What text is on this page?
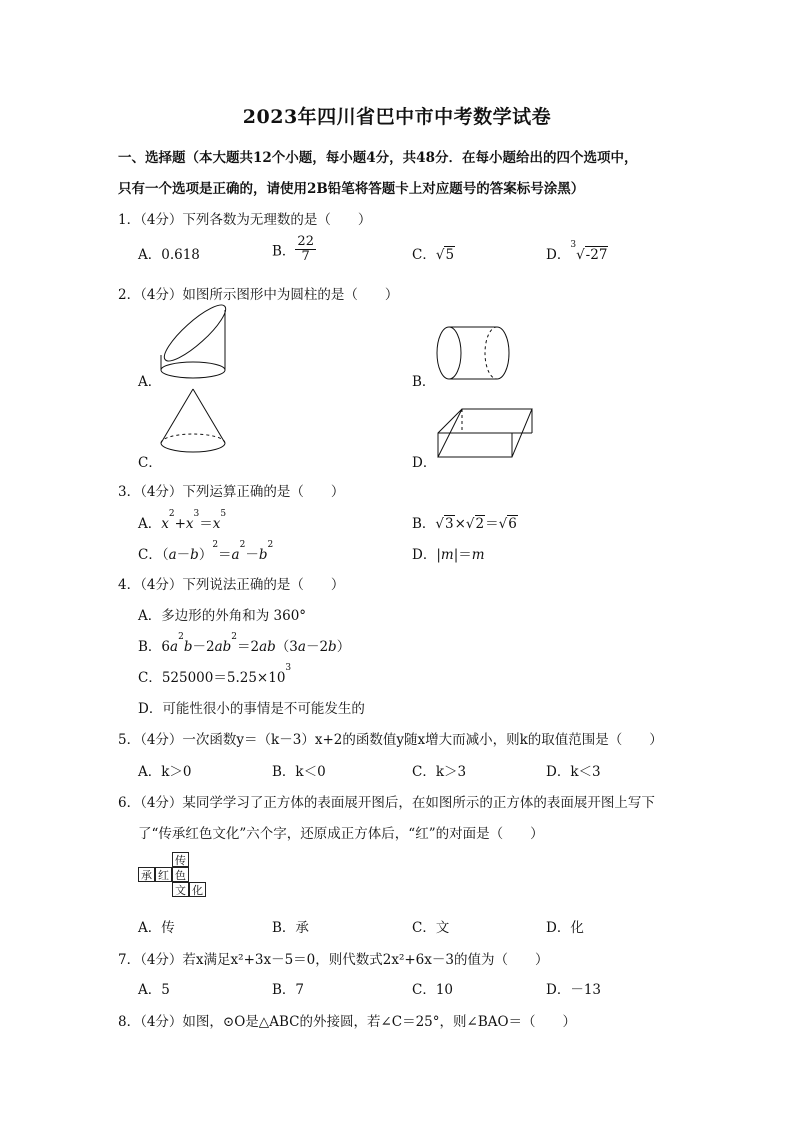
2023年四川省巴中市中考数学试卷
一、选择题（本大题共12个小题，每小题4分，共48分．在每小题给出的四个选项中，
只有一个选项是正确的，请使用2B铅笔将答题卡上对应题号的答案标号涂黑）
1．（4分）下列各数为无理数的是（　　）
A．0.618	B． $\frac{22}{7}$	C．√5	D．$^3$√-27
2．（4分）如图所示图形中为圆柱的是（　　）
A．	B．
C．	D．
3．（4分）下列运算正确的是（　　）
A．$x^2+x^3=x^5$
B．√3×√2＝√6
C．$(a-b)^2=a^2-b^2$
D．|m|＝m
4．（4分）下列说法正确的是（　　）
A．多边形的外角和为 360°
B．$6a^2b-2ab^2=2ab(3a-2b)$
C．$525000=5.25\times 10^3$
D．可能性很小的事情是不可能发生的
5．（4分）一次函数y＝（k－3）x+2的函数值y随x增大而减小，则k的取值范围是（　　）
A．k＞0	B．k＜0	C．k＞3	D．k＜3
6．（4分）某同学学习了正方体的表面展开图后，在如图所示的正方体的表面展开图上写下
了“传承红色文化”六个字，还原成正方体后，“红”的对面是（　　）
传
承 红 色
文 化
A．传	B．承	C．文	D．化
7．（4分）若x满足x²+3x－5＝0，则代数式2x²+6x－3的值为（　　）
A．5	B．7	C．10	D．－13
8．（4分）如图，⊙O是△ABC的外接圆，若∠C＝25°，则∠BAO＝（　　）
